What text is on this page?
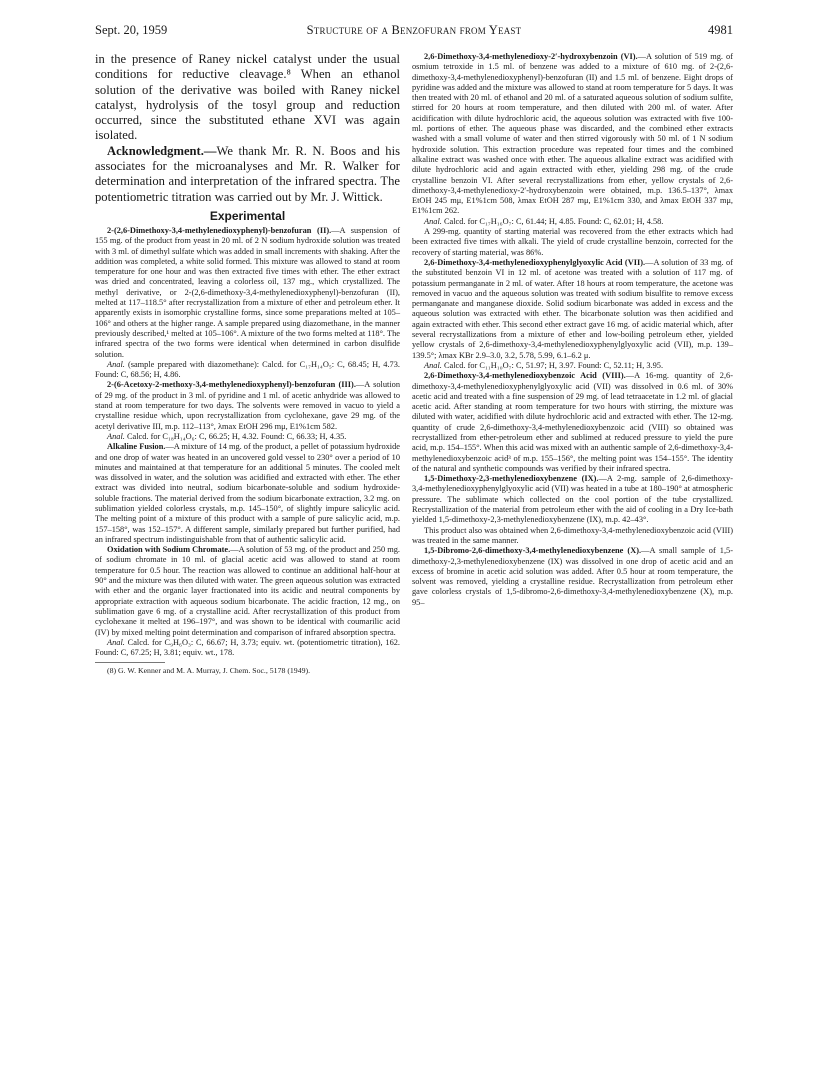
Sept. 20, 1959	Structure of a Benzofuran from Yeast	4981

in the presence of Raney nickel catalyst under the usual conditions for reductive cleavage.⁸ When an ethanol solution of the derivative was boiled with Raney nickel catalyst, hydrolysis of the tosyl group and reduction occurred, since the substituted ethane XVI was again isolated.

Acknowledgment.—We thank Mr. R. N. Boos and his associates for the microanalyses and Mr. R. Walker for determination and interpretation of the infrared spectra. The potentiometric titration was carried out by Mr. J. Wittick.

Experimental

2-(2,6-Dimethoxy-3,4-methylenedioxyphenyl)-benzofuran (II).—A suspension of 155 mg. of the product from yeast in 20 ml. of 2 N sodium hydroxide solution was treated with 3 ml. of dimethyl sulfate which was added in small increments with shaking. After the addition was completed, a white solid formed. This mixture was allowed to stand at room temperature for one hour and was then extracted five times with ether. The ether extract was dried and concentrated, leaving a colorless oil, 137 mg., which crystallized. The methyl derivative, or 2-(2,6-dimethoxy-3,4-methylenedioxyphenyl)-benzofuran (II), melted at 117–118.5° after recrystallization from a mixture of ether and petroleum ether. It apparently exists in isomorphic crystalline forms, since some preparations melted at 105–106° and others at the higher range. A sample prepared using diazomethane, in the manner previously described,¹ melted at 105–106°. A mixture of the two forms melted at 118°. The infrared spectra of the two forms were identical when determined in carbon disulfide solution.

Anal. (sample prepared with diazomethane): Calcd. for C₁₇H₁₄O₅: C, 68.45; H, 4.73. Found: C, 68.56; H, 4.86.

2-(6-Acetoxy-2-methoxy-3,4-methylenedioxyphenyl)-benzofuran (III).—A solution of 29 mg. of the product in 3 ml. of pyridine and 1 ml. of acetic anhydride was allowed to stand at room temperature for two days. The solvents were removed in vacuo to yield a crystalline residue which, upon recrystallization from cyclohexane, gave 29 mg. of the acetyl derivative III, m.p. 112–113°, λmax EtOH 296 mμ, E1%1cm 582.

Anal. Calcd. for C₁₈H₁₄O₆: C, 66.25; H, 4.32. Found: C, 66.33; H, 4.35.

Alkaline Fusion.—A mixture of 14 mg. of the product, a pellet of potassium hydroxide and one drop of water was heated in an uncovered gold vessel to 230° over a period of 10 minutes and maintained at that temperature for an additional 5 minutes. The cooled melt was dissolved in water, and the solution was acidified and extracted with ether. The ether extract was divided into neutral, sodium bicarbonate-soluble and sodium hydroxide-soluble fractions. The material derived from the sodium bicarbonate extraction, 3.2 mg. on sublimation yielded colorless crystals, m.p. 145–150°, of slightly impure salicylic acid. The melting point of a mixture of this product with a sample of pure salicylic acid, m.p. 157–158°, was 152–157°. A different sample, similarly prepared but further purified, had an infrared spectrum indistinguishable from that of authentic salicylic acid.

Oxidation with Sodium Chromate.—A solution of 53 mg. of the product and 250 mg. of sodium chromate in 10 ml. of glacial acetic acid was allowed to stand at room temperature for 0.5 hour. The reaction was allowed to continue an additional half-hour at 90° and the mixture was then diluted with water. The green aqueous solution was extracted with ether and the organic layer fractionated into its acidic and neutral components by appropriate extraction with aqueous sodium bicarbonate. The acidic fraction, 12 mg., on sublimation gave 6 mg. of a crystalline acid. After recrystallization of this product from cyclohexane it melted at 196–197°, and was shown to be identical with coumarilic acid (IV) by mixed melting point determination and comparison of infrared absorption spectra.

Anal. Calcd. for C₉H₆O₃: C, 66.67; H, 3.73; equiv. wt. (potentiometric titration), 162. Found: C, 67.25; H, 3.81; equiv. wt., 178.

(8) G. W. Kenner and M. A. Murray, J. Chem. Soc., 5178 (1949).

2,6-Dimethoxy-3,4-methylenedioxy-2′-hydroxybenzoin (VI).—A solution of 519 mg. of osmium tetroxide in 1.5 ml. of benzene was added to a mixture of 610 mg. of 2-(2,6-dimethoxy-3,4-methylenedioxyphenyl)-benzofuran (II) and 1.5 ml. of benzene. Eight drops of pyridine was added and the mixture was allowed to stand at room temperature for 5 days. It was then treated with 20 ml. of ethanol and 20 ml. of a saturated aqueous solution of sodium sulfite, stirred for 20 hours at room temperature, and then diluted with 200 ml. of water. After acidification with dilute hydrochloric acid, the aqueous solution was extracted with five 100-ml. portions of ether. The aqueous phase was discarded, and the combined ether extracts washed with a small volume of water and then stirred vigorously with 50 ml. of 1 N sodium hydroxide solution. This extraction procedure was repeated four times and the combined alkaline extract was washed once with ether. The aqueous alkaline extract was acidified with dilute hydrochloric acid and again extracted with ether, yielding 298 mg. of the crude crystalline benzoin VI. After several recrystallizations from ether, yellow crystals of 2,6-dimethoxy-3,4-methylenedioxy-2′-hydroxybenzoin were obtained, m.p. 136.5–137°, λmax EtOH 245 mμ, E1%1cm 508, λmax EtOH 287 mμ, E1%1cm 330, and λmax EtOH 337 mμ, E1%1cm 262.

Anal. Calcd. for C₁₇H₁₆O₇: C, 61.44; H, 4.85. Found: C, 62.01; H, 4.58.

A 299-mg. quantity of starting material was recovered from the ether extracts which had been extracted five times with alkali. The yield of crude crystalline benzoin, corrected for the recovery of starting material, was 86%.

2,6-Dimethoxy-3,4-methylenedioxyphenylglyoxylic Acid (VII).—A solution of 33 mg. of the substituted benzoin VI in 12 ml. of acetone was treated with a solution of 117 mg. of potassium permanganate in 2 ml. of water. After 18 hours at room temperature, the acetone was removed in vacuo and the aqueous solution was treated with sodium bisulfite to remove excess permanganate and manganese dioxide. Solid sodium bicarbonate was added in excess and the aqueous solution was extracted with ether. The bicarbonate solution was then acidified and again extracted with ether. This second ether extract gave 16 mg. of acidic material which, after several recrystallizations from a mixture of ether and low-boiling petroleum ether, yielded yellow crystals of 2,6-dimethoxy-3,4-methylenedioxyphenylglyoxylic acid (VII), m.p. 139–139.5°; λmax KBr 2.9–3.0, 3.2, 5.78, 5.99, 6.1–6.2 μ.

Anal. Calcd. for C₁₁H₁₀O₇: C, 51.97; H, 3.97. Found: C, 52.11; H, 3.95.

2,6-Dimethoxy-3,4-methylenedioxybenzoic Acid (VIII).—A 16-mg. quantity of 2,6-dimethoxy-3,4-methylenedioxyphenylglyoxylic acid (VII) was dissolved in 0.6 ml. of 30% acetic acid and treated with a fine suspension of 29 mg. of lead tetraacetate in 1.2 ml. of glacial acetic acid. After standing at room temperature for two hours with stirring, the mixture was diluted with water, acidified with dilute hydrochloric acid and extracted with ether. The 12-mg. quantity of crude 2,6-dimethoxy-3,4-methylenedioxybenzoic acid (VIII) so obtained was recrystallized from ether-petroleum ether and sublimed at reduced pressure to yield the pure acid, m.p. 154–155°. When this acid was mixed with an authentic sample of 2,6-dimethoxy-3,4-methylenedioxybenzoic acid³ of m.p. 155–156°, the melting point was 154–155°. The identity of the natural and synthetic compounds was verified by their infrared spectra.

1,5-Dimethoxy-2,3-methylenedioxybenzene (IX).—A 2-mg. sample of 2,6-dimethoxy-3,4-methylenedioxyphenylglyoxylic acid (VII) was heated in a tube at 180–190° at atmospheric pressure. The sublimate which collected on the cool portion of the tube crystallized. Recrystallization of the material from petroleum ether with the aid of cooling in a Dry Ice-bath yielded 1,5-dimethoxy-2,3-methylenedioxybenzene (IX), m.p. 42–43°.

This product also was obtained when 2,6-dimethoxy-3,4-methylenedioxybenzoic acid (VIII) was treated in the same manner.

1,5-Dibromo-2,6-dimethoxy-3,4-methylenedioxybenzene (X).—A small sample of 1,5-dimethoxy-2,3-methylenedioxybenzene (IX) was dissolved in one drop of acetic acid and an excess of bromine in acetic acid solution was added. After 0.5 hour at room temperature, the solvent was removed, yielding a crystalline residue. Recrystallization from petroleum ether gave colorless crystals of 1,5-dibromo-2,6-dimethoxy-3,4-methylenedioxybenzene (X), m.p. 95–
